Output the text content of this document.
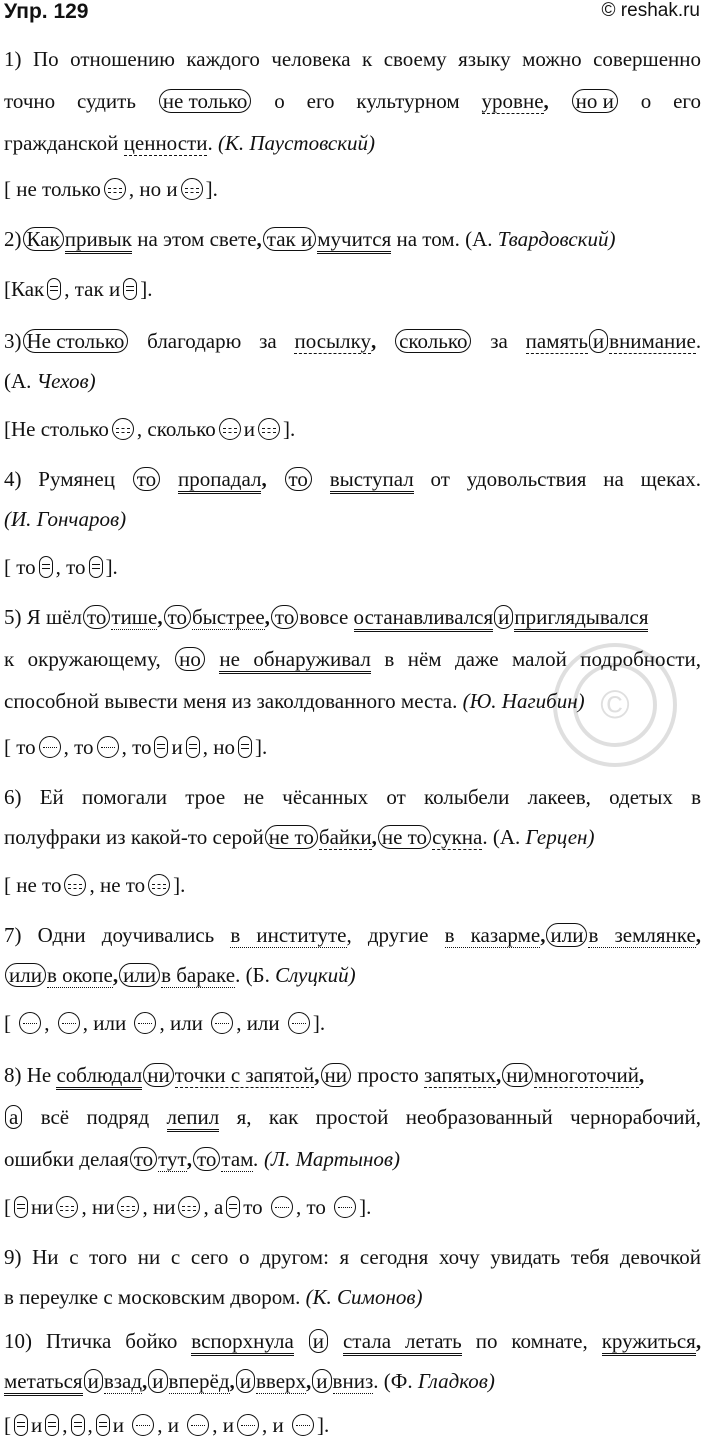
Упр. 129	© reshak.ru
©
1) По отношению каждого человека к своему языку можно совершенно
точно судить не только о его культурном уровне, но и о его
гражданской ценности. (К. Паустовский)
[ не только , но и ].
2) Как привык на этом свете, так и мучится на том. (А. Твардовский)
[Как , так и ].
3) Не столько благодарю за посылку, сколько за память и внимание.
(А. Чехов)
[Не столько , сколько и ].
4) Румянец то пропадал, то выступал от удовольствия на щеках.
(И. Гончаров)
[ то , то ].
5) Я шёл то тише, то быстрее, то вовсе останавливался и приглядывался
к окружающему, но не обнаруживал в нём даже малой подробности,
способной вывести меня из заколдованного места. (Ю. Нагибин)
[ то , то , то и , но ].
6) Ей помогали трое не чёсанных от колыбели лакеев, одетых в
полуфраки из какой-то серой не то байки, не то сукна. (А. Герцен)
[ не то , не то ].
7) Одни доучивались в институте, другие в казарме, или в землянке,
или в окопе, или в бараке. (Б. Слуцкий)
[ , , или , или , или ].
8) Не соблюдал ни точки с запятой, ни просто запятых, ни многоточий,
а всё подряд лепил я, как простой необразованный чернорабочий,
ошибки делая то тут, то там. (Л. Мартынов)
[ ни , ни , ни , а то , то ].
9) Ни с того ни с сего о другом: я сегодня хочу увидать тебя девочкой
в переулке с московским двором. (К. Симонов)
10) Птичка бойко вспорхнула и стала летать по комнате, кружиться,
метаться и взад, и вперёд, и вверх, и вниз. (Ф. Гладков)
[ и , , и , и , и , и ].
